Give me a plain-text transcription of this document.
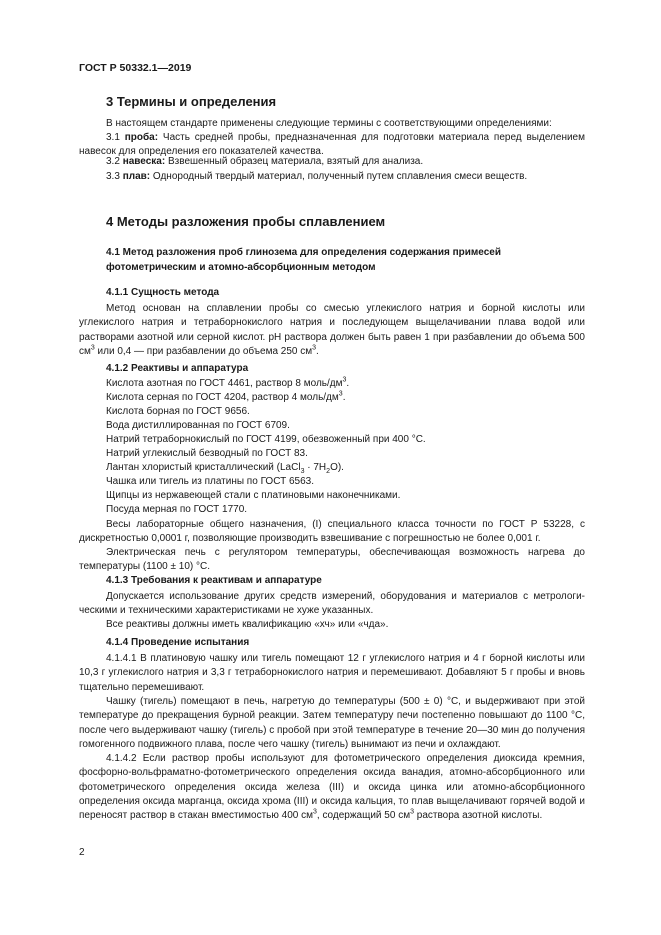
ГОСТ Р 50332.1—2019
3 Термины и определения
В настоящем стандарте применены следующие термины с соответствующими определениями:
3.1 проба: Часть средней пробы, предназначенная для подготовки материала перед выделением навесок для определения его показателей качества.
3.2 навеска: Взвешенный образец материала, взятый для анализа.
3.3 плав: Однородный твердый материал, полученный путем сплавления смеси веществ.
4 Методы разложения пробы сплавлением
4.1 Метод разложения проб глинозема для определения содержания примесей фотометрическим и атомно-абсорбционным методом
4.1.1 Сущность метода
Метод основан на сплавлении пробы со смесью углекислого натрия и борной кислоты или углекислого натрия и тетраборнокислого натрия и последующем выщелачивании плава водой или растворами азотной или серной кислот. pH раствора должен быть равен 1 при разбавлении до объема 500 $см^3$ или 0,4 — при разбавлении до объема 250 $см^3$.
4.1.2 Реактивы и аппаратура
Кислота азотная по ГОСТ 4461, раствор 8 моль/$дм^3$.
Кислота серная по ГОСТ 4204, раствор 4 моль/$дм^3$.
Кислота борная по ГОСТ 9656.
Вода дистиллированная по ГОСТ 6709.
Натрий тетраборнокислый по ГОСТ 4199, обезвоженный при 400 °С.
Натрий углекислый безводный по ГОСТ 83.
Лантан хлористый кристаллический (LaCl$_3$ · $7H_2O$).
Чашка или тигель из платины по ГОСТ 6563.
Щипцы из нержавеющей стали с платиновыми наконечниками.
Посуда мерная по ГОСТ 1770.
Весы лабораторные общего назначения, (I) специального класса точности по ГОСТ Р 53228, с дискретностью 0,0001 г, позволяющие производить взвешивание с погрешностью не более 0,001 г.
Электрическая печь с регулятором температуры, обеспечивающая возможность нагрева до температуры (1100 ± 10) °С.
4.1.3 Требования к реактивам и аппаратуре
Допускается использование других средств измерений, оборудования и материалов с метрологи-ческими и техническими характеристиками не хуже указанных.
Все реактивы должны иметь квалификацию «хч» или «чда».
4.1.4 Проведение испытания
4.1.4.1 В платиновую чашку или тигель помещают 12 г углекислого натрия и 4 г борной кислоты или 10,3 г углекислого натрия и 3,3 г тетраборнокислого натрия и перемешивают. Добавляют 5 г пробы и вновь тщательно перемешивают.
Чашку (тигель) помещают в печь, нагретую до температуры (500 ± 0) °С, и выдерживают при этой температуре до прекращения бурной реакции. Затем температуру печи постепенно повышают до 1100 °С, после чего выдерживают чашку (тигель) с пробой при этой температуре в течение 20—30 мин до получения гомогенного подвижного плава, после чего чашку (тигель) вынимают из печи и охлаждают.
4.1.4.2 Если раствор пробы используют для фотометрического определения диоксида кремния, фосфорно-вольфраматно-фотометрического определения оксида ванадия, атомно-абсорбционного или фотометрического определения оксида железа (III) и оксида цинка или атомно-абсорбционного определения оксида марганца, оксида хрома (III) и оксида кальция, то плав выщелачивают горячей водой и переносят раствор в стакан вместимостью 400 $см^3$, содержащий 50 $см^3$ раствора азотной кислоты.
2
